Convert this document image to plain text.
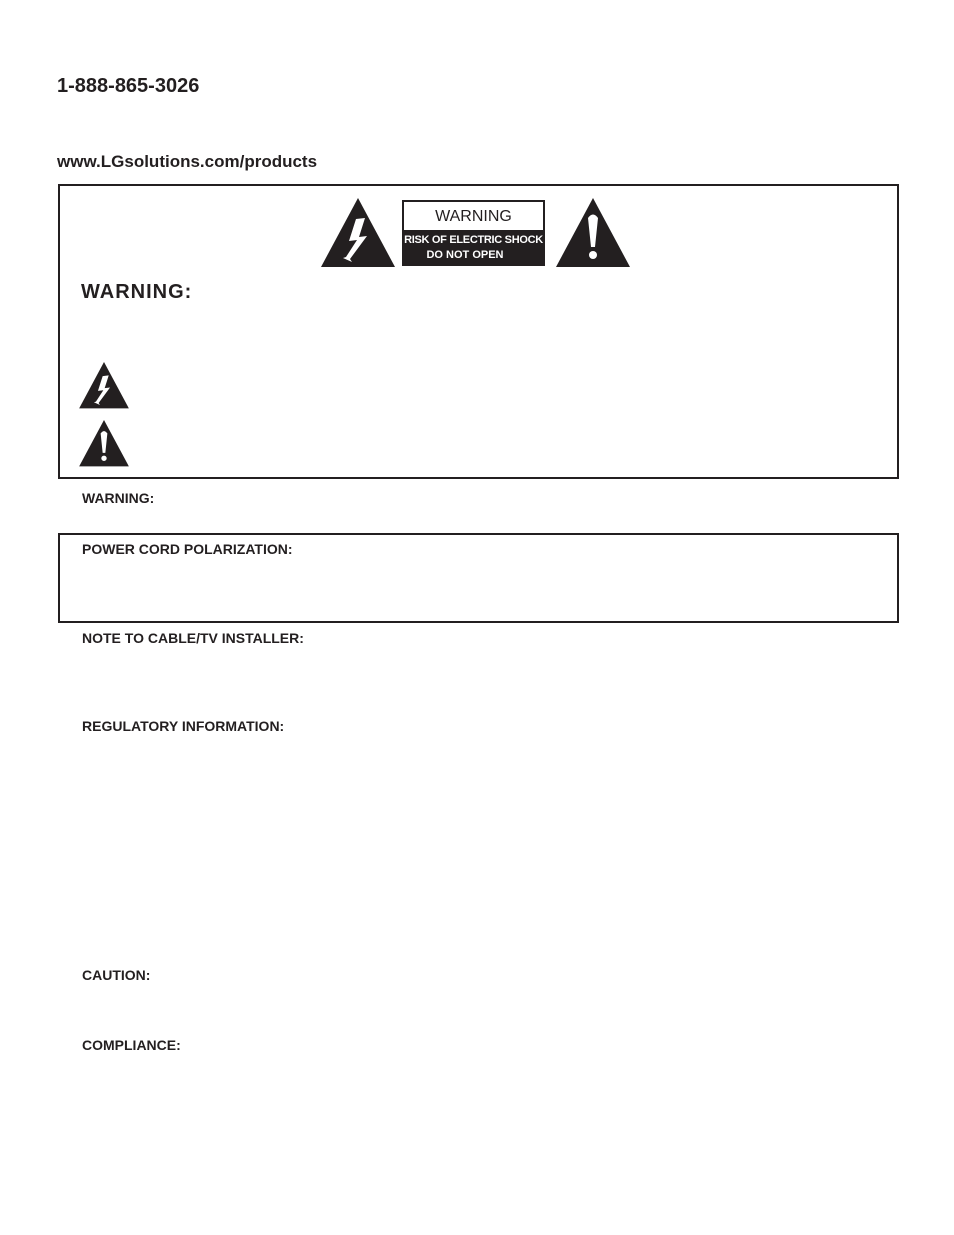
1-888-865-3026
www.LGsolutions.com/products
WARNING
RISK OF ELECTRIC SHOCK
DO NOT OPEN
WARNING:
WARNING:
POWER CORD POLARIZATION:
NOTE TO CABLE/TV INSTALLER:
REGULATORY INFORMATION:
CAUTION:
COMPLIANCE:
